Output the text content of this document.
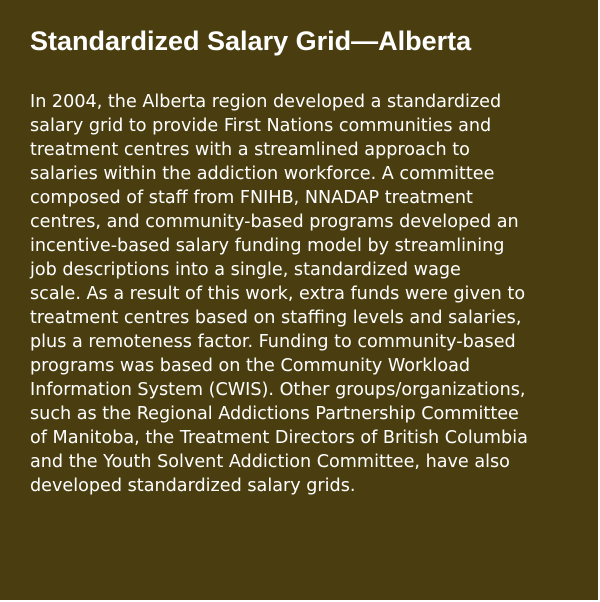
Standardized Salary Grid—Alberta

In 2004, the Alberta region developed a standardized
salary grid to provide First Nations communities and
treatment centres with a streamlined approach to
salaries within the addiction workforce. A committee
composed of staff from FNIHB, NNADAP treatment
centres, and community-based programs developed an
incentive-based salary funding model by streamlining
job descriptions into a single, standardized wage
scale. As a result of this work, extra funds were given to
treatment centres based on staffing levels and salaries,
plus a remoteness factor. Funding to community-based
programs was based on the Community Workload
Information System (CWIS). Other groups/organizations,
such as the Regional Addictions Partnership Committee
of Manitoba, the Treatment Directors of British Columbia
and the Youth Solvent Addiction Committee, have also
developed standardized salary grids.
